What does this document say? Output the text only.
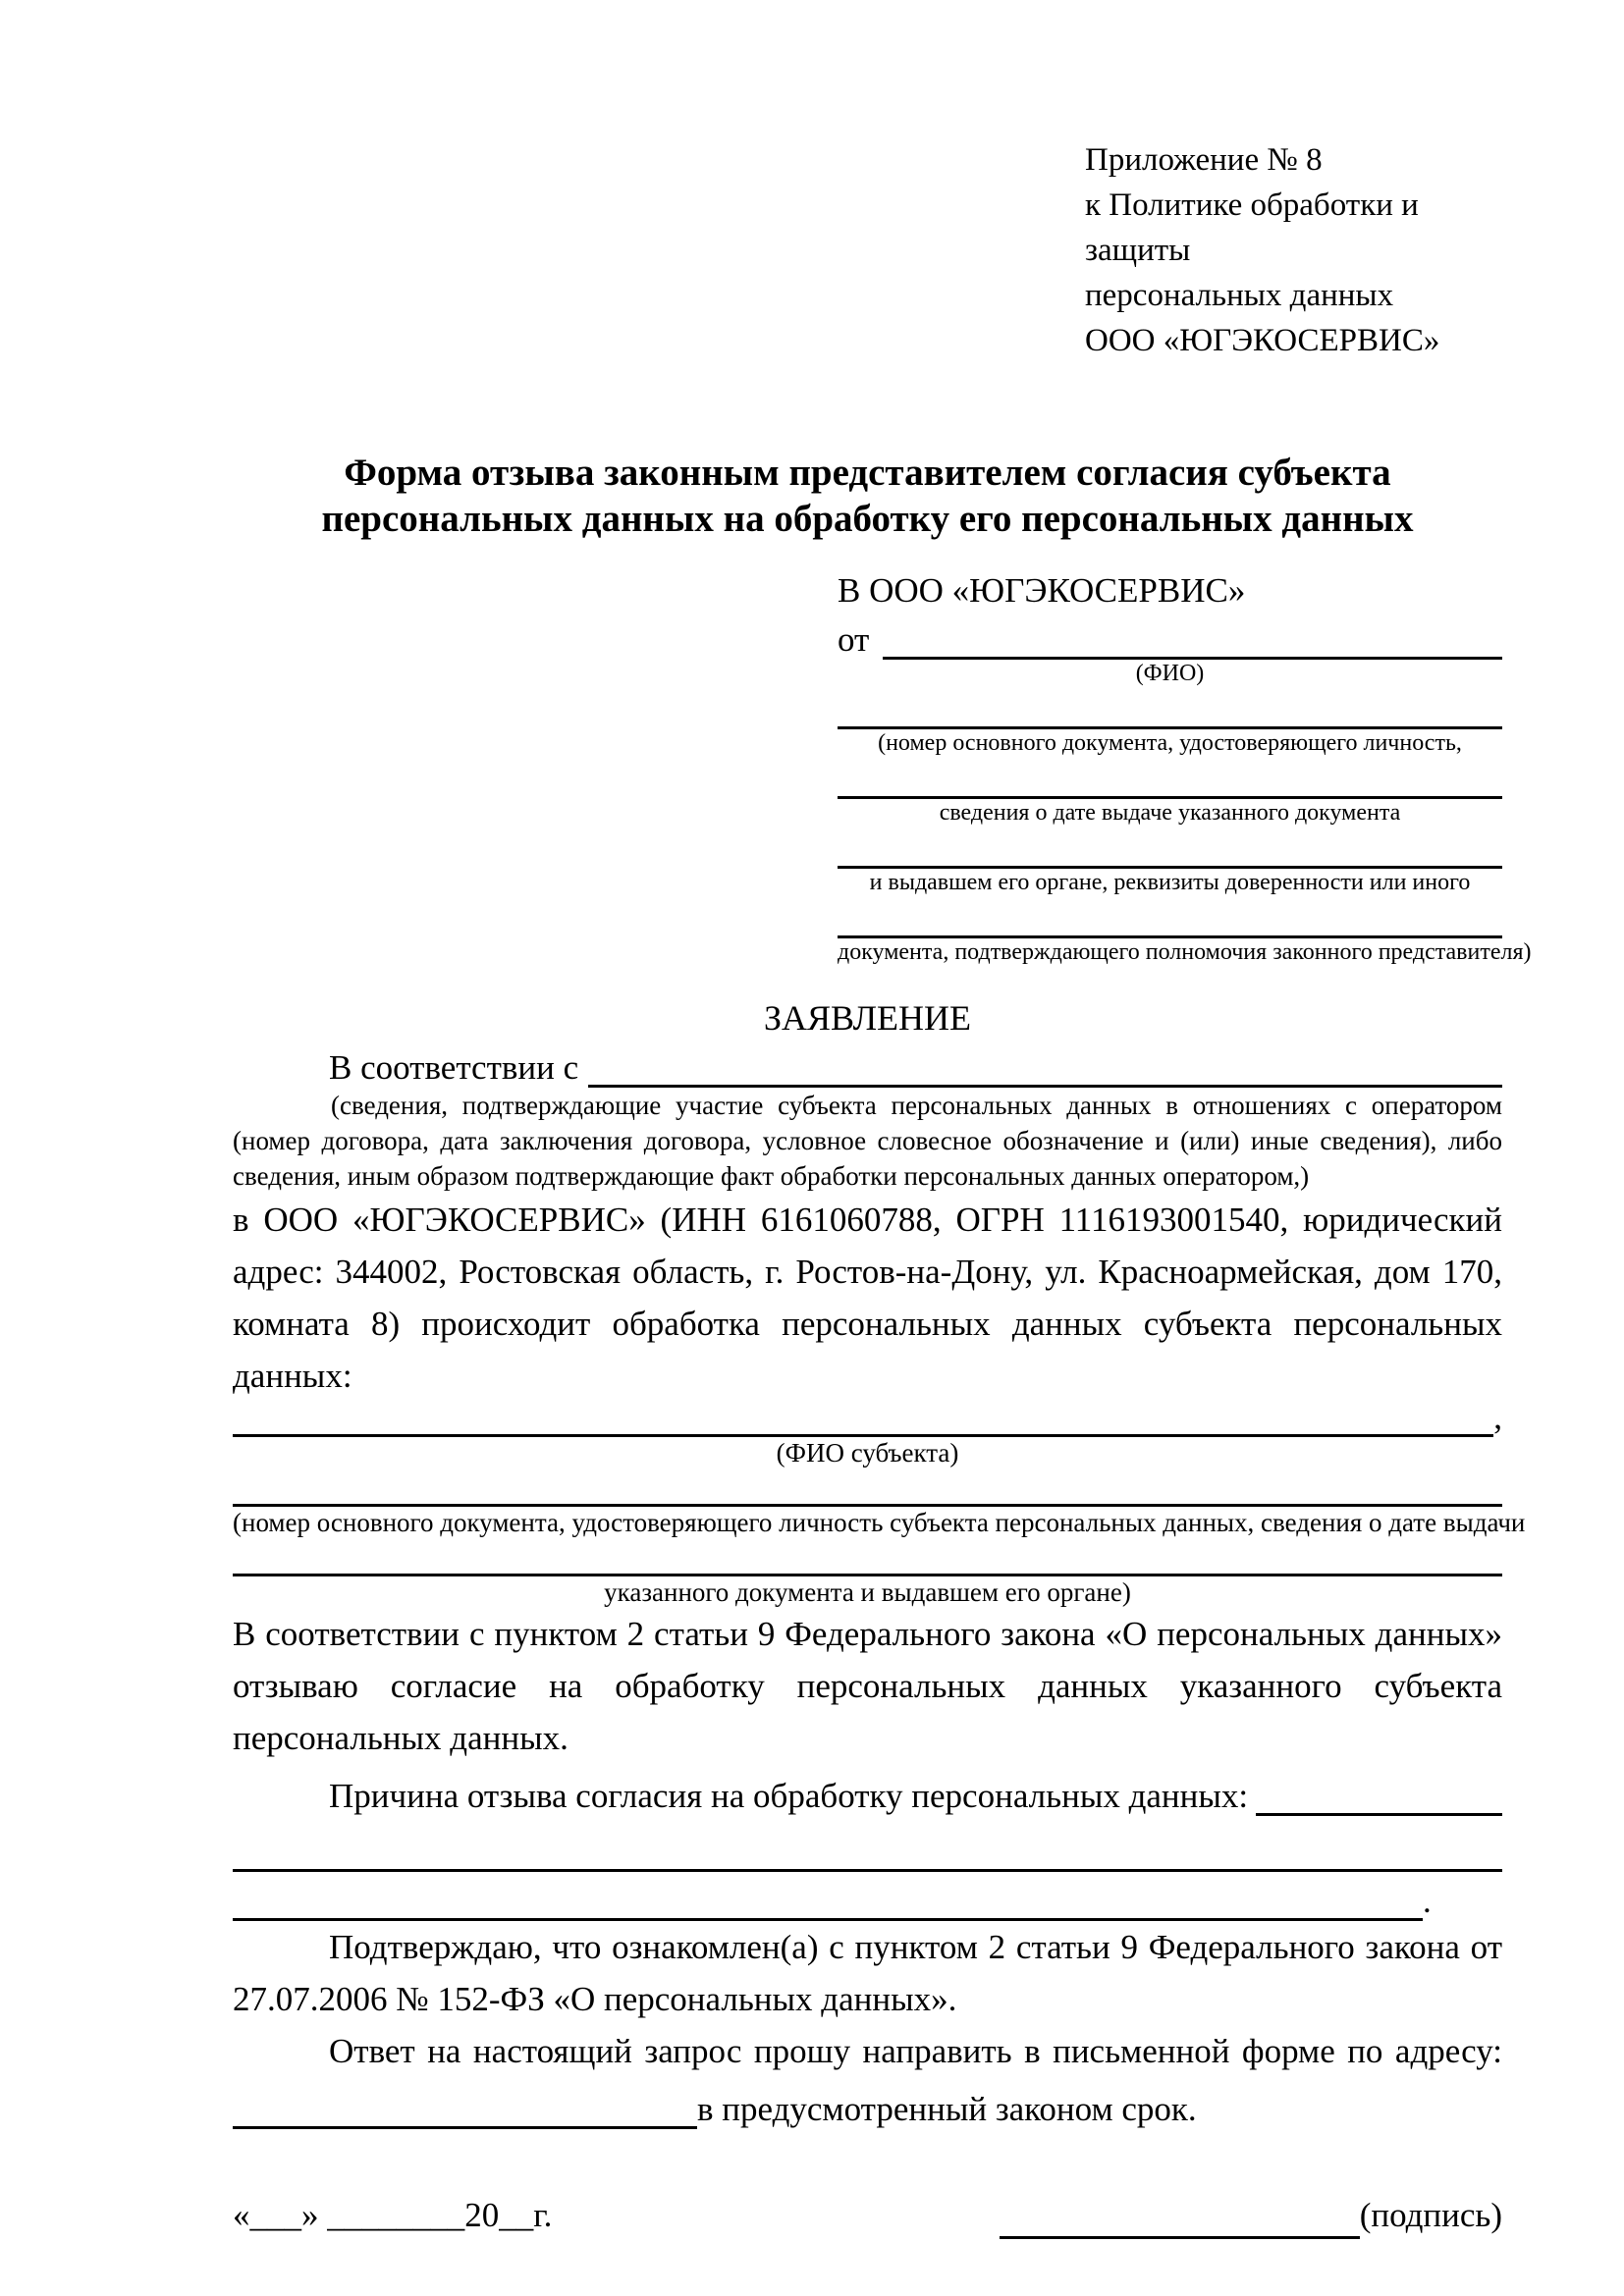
Приложение № 8
к Политике обработки и защиты
персональных данных
ООО «ЮГЭКОСЕРВИС»
Форма отзыва законным представителем согласия субъекта
персональных данных на обработку его персональных данных
В ООО «ЮГЭКОСЕРВИС»
от
(ФИО)
(номер основного документа, удостоверяющего личность,
сведения о дате выдаче указанного документа
и выдавшем его органе, реквизиты доверенности или иного
документа, подтверждающего полномочия законного представителя)
ЗАЯВЛЕНИЕ
В соответствии с
(сведения, подтверждающие участие субъекта персональных данных в отношениях с оператором (номер договора, дата заключения договора, условное словесное обозначение и (или) иные сведения), либо сведения, иным образом подтверждающие факт обработки персональных данных оператором,)

в ООО «ЮГЭКОСЕРВИС» (ИНН 6161060788, ОГРН 1116193001540, юридический адрес: 344002, Ростовская область, г. Ростов-на-Дону, ул. Красноармейская, дом 170, комната 8) происходит обработка персональных данных субъекта персональных данных:

,
(ФИО субъекта)
(номер основного документа, удостоверяющего личность субъекта персональных данных, сведения о дате выдачи
указанного документа и выдавшем его органе)

В соответствии с пунктом 2 статьи 9 Федерального закона «О персональных данных» отзываю согласие на обработку персональных данных указанного субъекта персональных данных.

Причина отзыва согласия на обработку персональных данных:
.

Подтверждаю, что ознакомлен(а) с пунктом 2 статьи 9 Федерального закона от 27.07.2006 № 152-ФЗ «О персональных данных».

Ответ на настоящий запрос прошу направить в письменной форме по адресу:

в предусмотренный законом срок.
«___» ________20__г.	(подпись)
